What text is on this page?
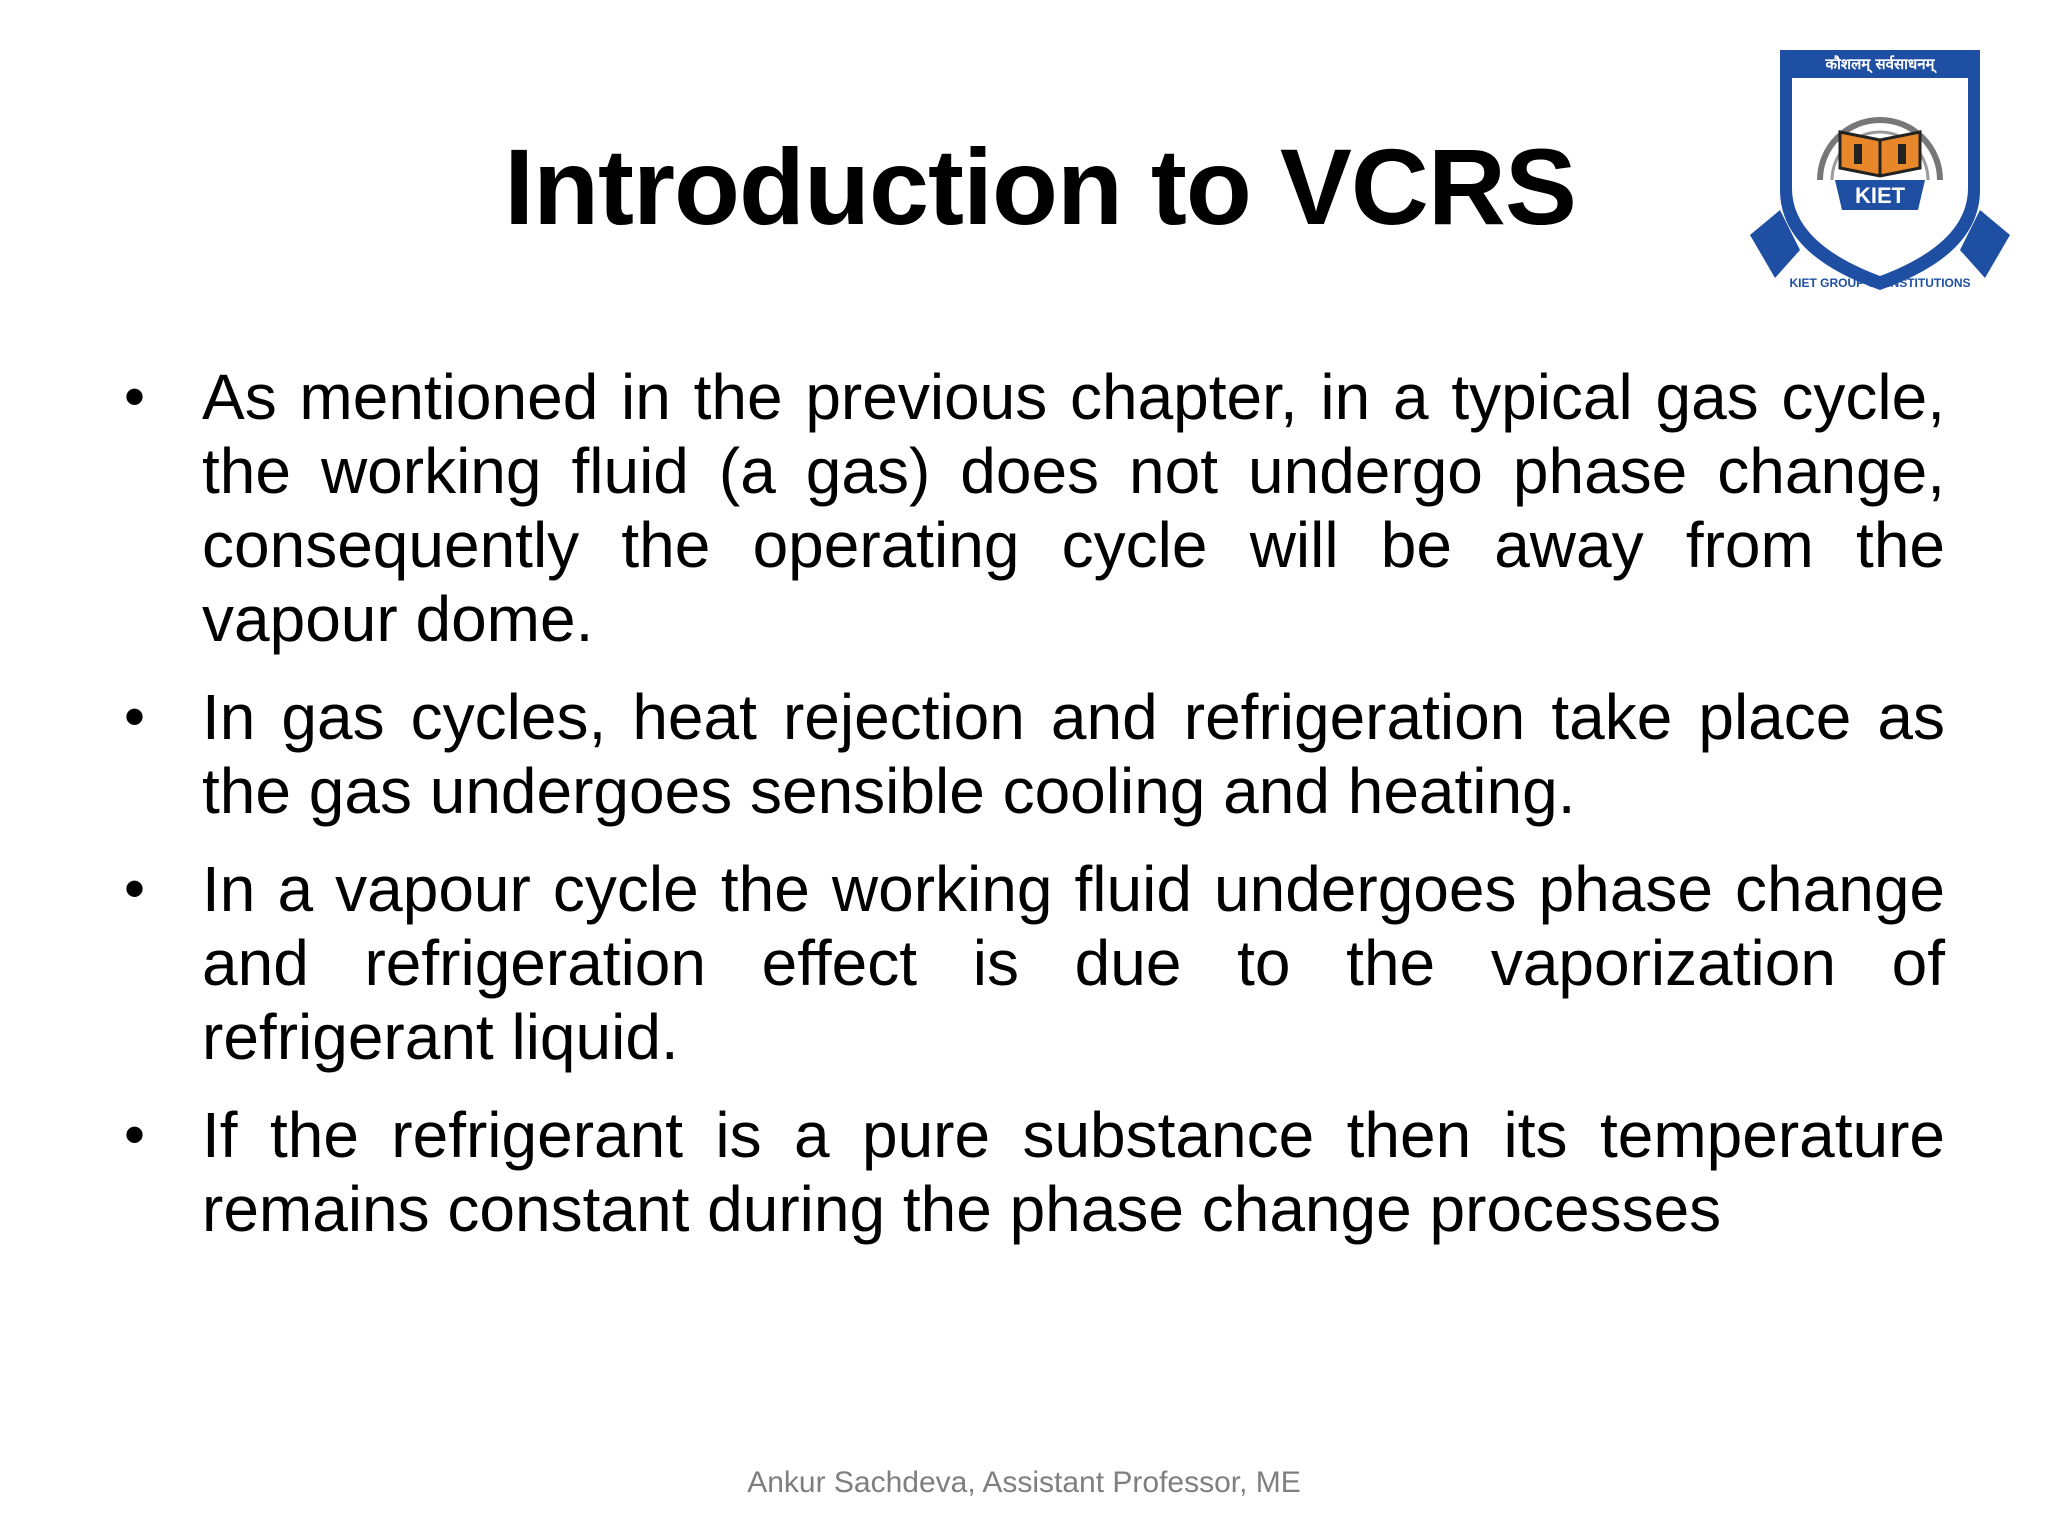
Introduction to VCRS
कौशलम् सर्वसाधनम्
KIET
KIET GROUP OF INSTITUTIONS
• As mentioned in the previous chapter, in a typical gas cycle, the working fluid (a gas) does not undergo phase change, consequently the operating cycle will be away from the vapour dome.
• In gas cycles, heat rejection and refrigeration take place as the gas undergoes sensible cooling and heating.
• In a vapour cycle the working fluid undergoes phase change and refrigeration effect is due to the vaporization of refrigerant liquid.
• If the refrigerant is a pure substance then its temperature remains constant during the phase change processes
Ankur Sachdeva, Assistant Professor, ME
